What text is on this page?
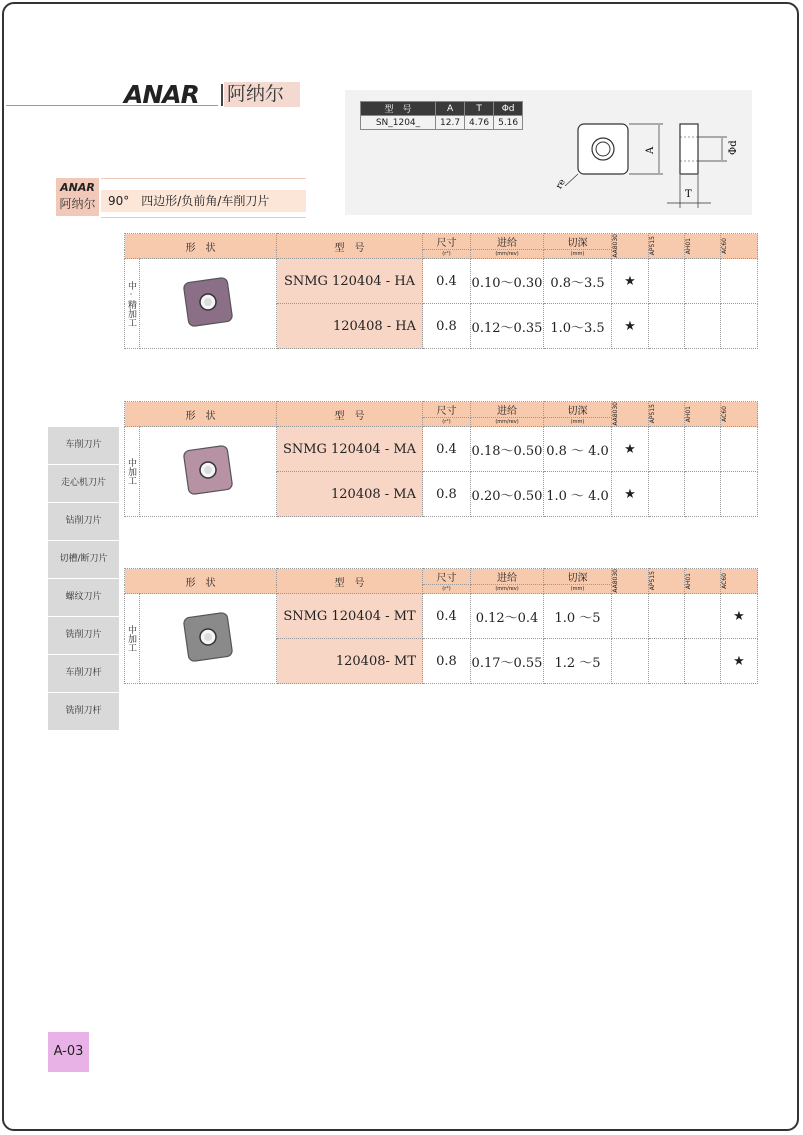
ANAR 阿纳尔
A
re
Φd
T
型　号	A	T	Φd
SN_1204_	12.7	4.76	5.16
ANAR
阿纳尔	90°　四边形/负前角/车削刀片
车削刀片
走心机刀片
钻削刀片
切槽/断刀片
螺纹刀片
铣削刀片
车削刀杆
铣削刀杆
形　状		型　号	尺寸	进给	切深	AA8030	AP515	AH01	AC60

			(r°)	(mm/rev)	(mm)				

中·精加工		SNMG 120404 - HA	0.4	0.10～0.30	0.8～3.5	★			
		120408 - HA	0.8	0.12～0.35	1.0～3.5	★			
形　状		型　号	尺寸	进给	切深	AA8030	AP515	AH01	AC60

			(r°)	(mm/rev)	(mm)				

中加工		SNMG 120404 - MA	0.4	0.18～0.50	0.8 ～ 4.0	★			
		120408 - MA	0.8	0.20～0.50	1.0 ～ 4.0	★			
形　状		型　号	尺寸	进给	切深	AA8030	AP515	AH01	AC60

			(r°)	(mm/rev)	(mm)				

中加工		SNMG 120404 - MT	0.4	0.12～0.4	1.0 ～5				★
		120408- MT	0.8	0.17～0.55	1.2 ～5				★
A-03
